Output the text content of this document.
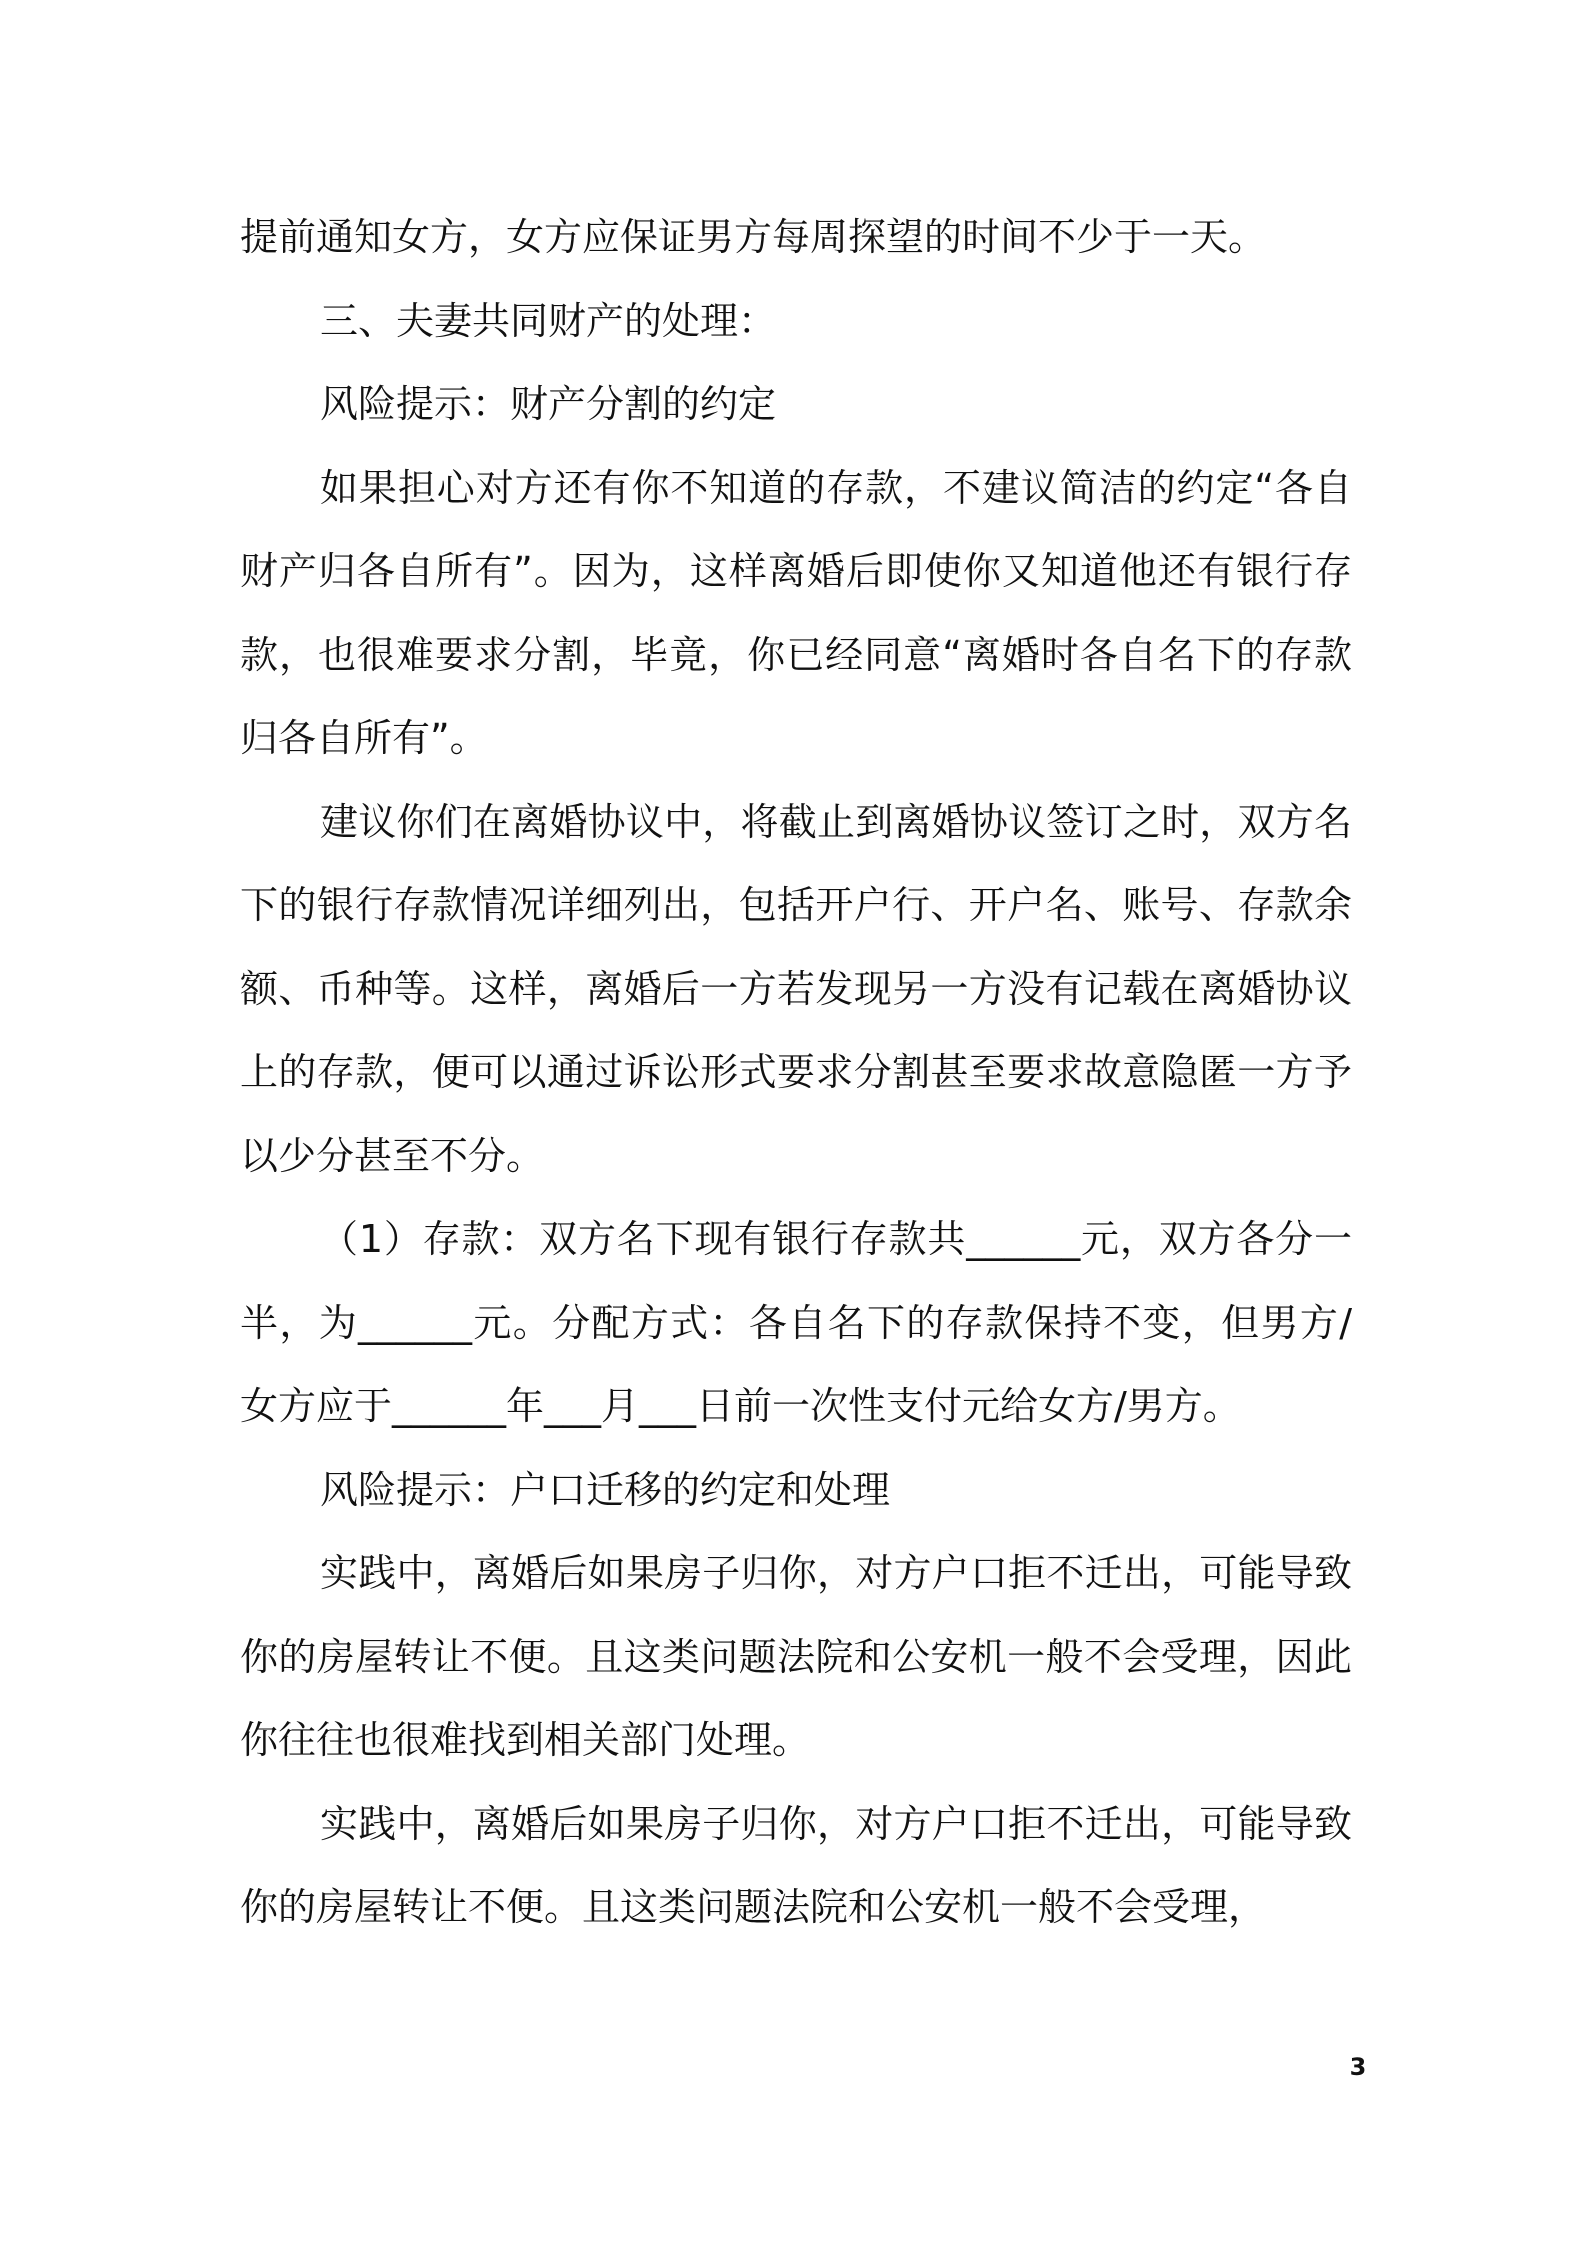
提前通知女方，女方应保证男方每周探望的时间不少于一天。

三、夫妻共同财产的处理：

风险提示：财产分割的约定

如果担心对方还有你不知道的存款，不建议简洁的约定“各自财产归各自所有”。因为，这样离婚后即使你又知道他还有银行存款，也很难要求分割，毕竟，你已经同意“离婚时各自名下的存款归各自所有”。

建议你们在离婚协议中，将截止到离婚协议签订之时，双方名下的银行存款情况详细列出，包括开户行、开户名、账号、存款余额、币种等。这样，离婚后一方若发现另一方没有记载在离婚协议上的存款，便可以通过诉讼形式要求分割甚至要求故意隐匿一方予以少分甚至不分。

（1）存款：双方名下现有银行存款共______元，双方各分一半，为______元。分配方式：各自名下的存款保持不变，但男方/女方应于______年___月___日前一次性支付元给女方/男方。

风险提示：户口迁移的约定和处理

实践中，离婚后如果房子归你，对方户口拒不迁出，可能导致你的房屋转让不便。且这类问题法院和公安机一般不会受理，因此你往往也很难找到相关部门处理。

实践中，离婚后如果房子归你，对方户口拒不迁出，可能导致你的房屋转让不便。且这类问题法院和公安机一般不会受理，

3
